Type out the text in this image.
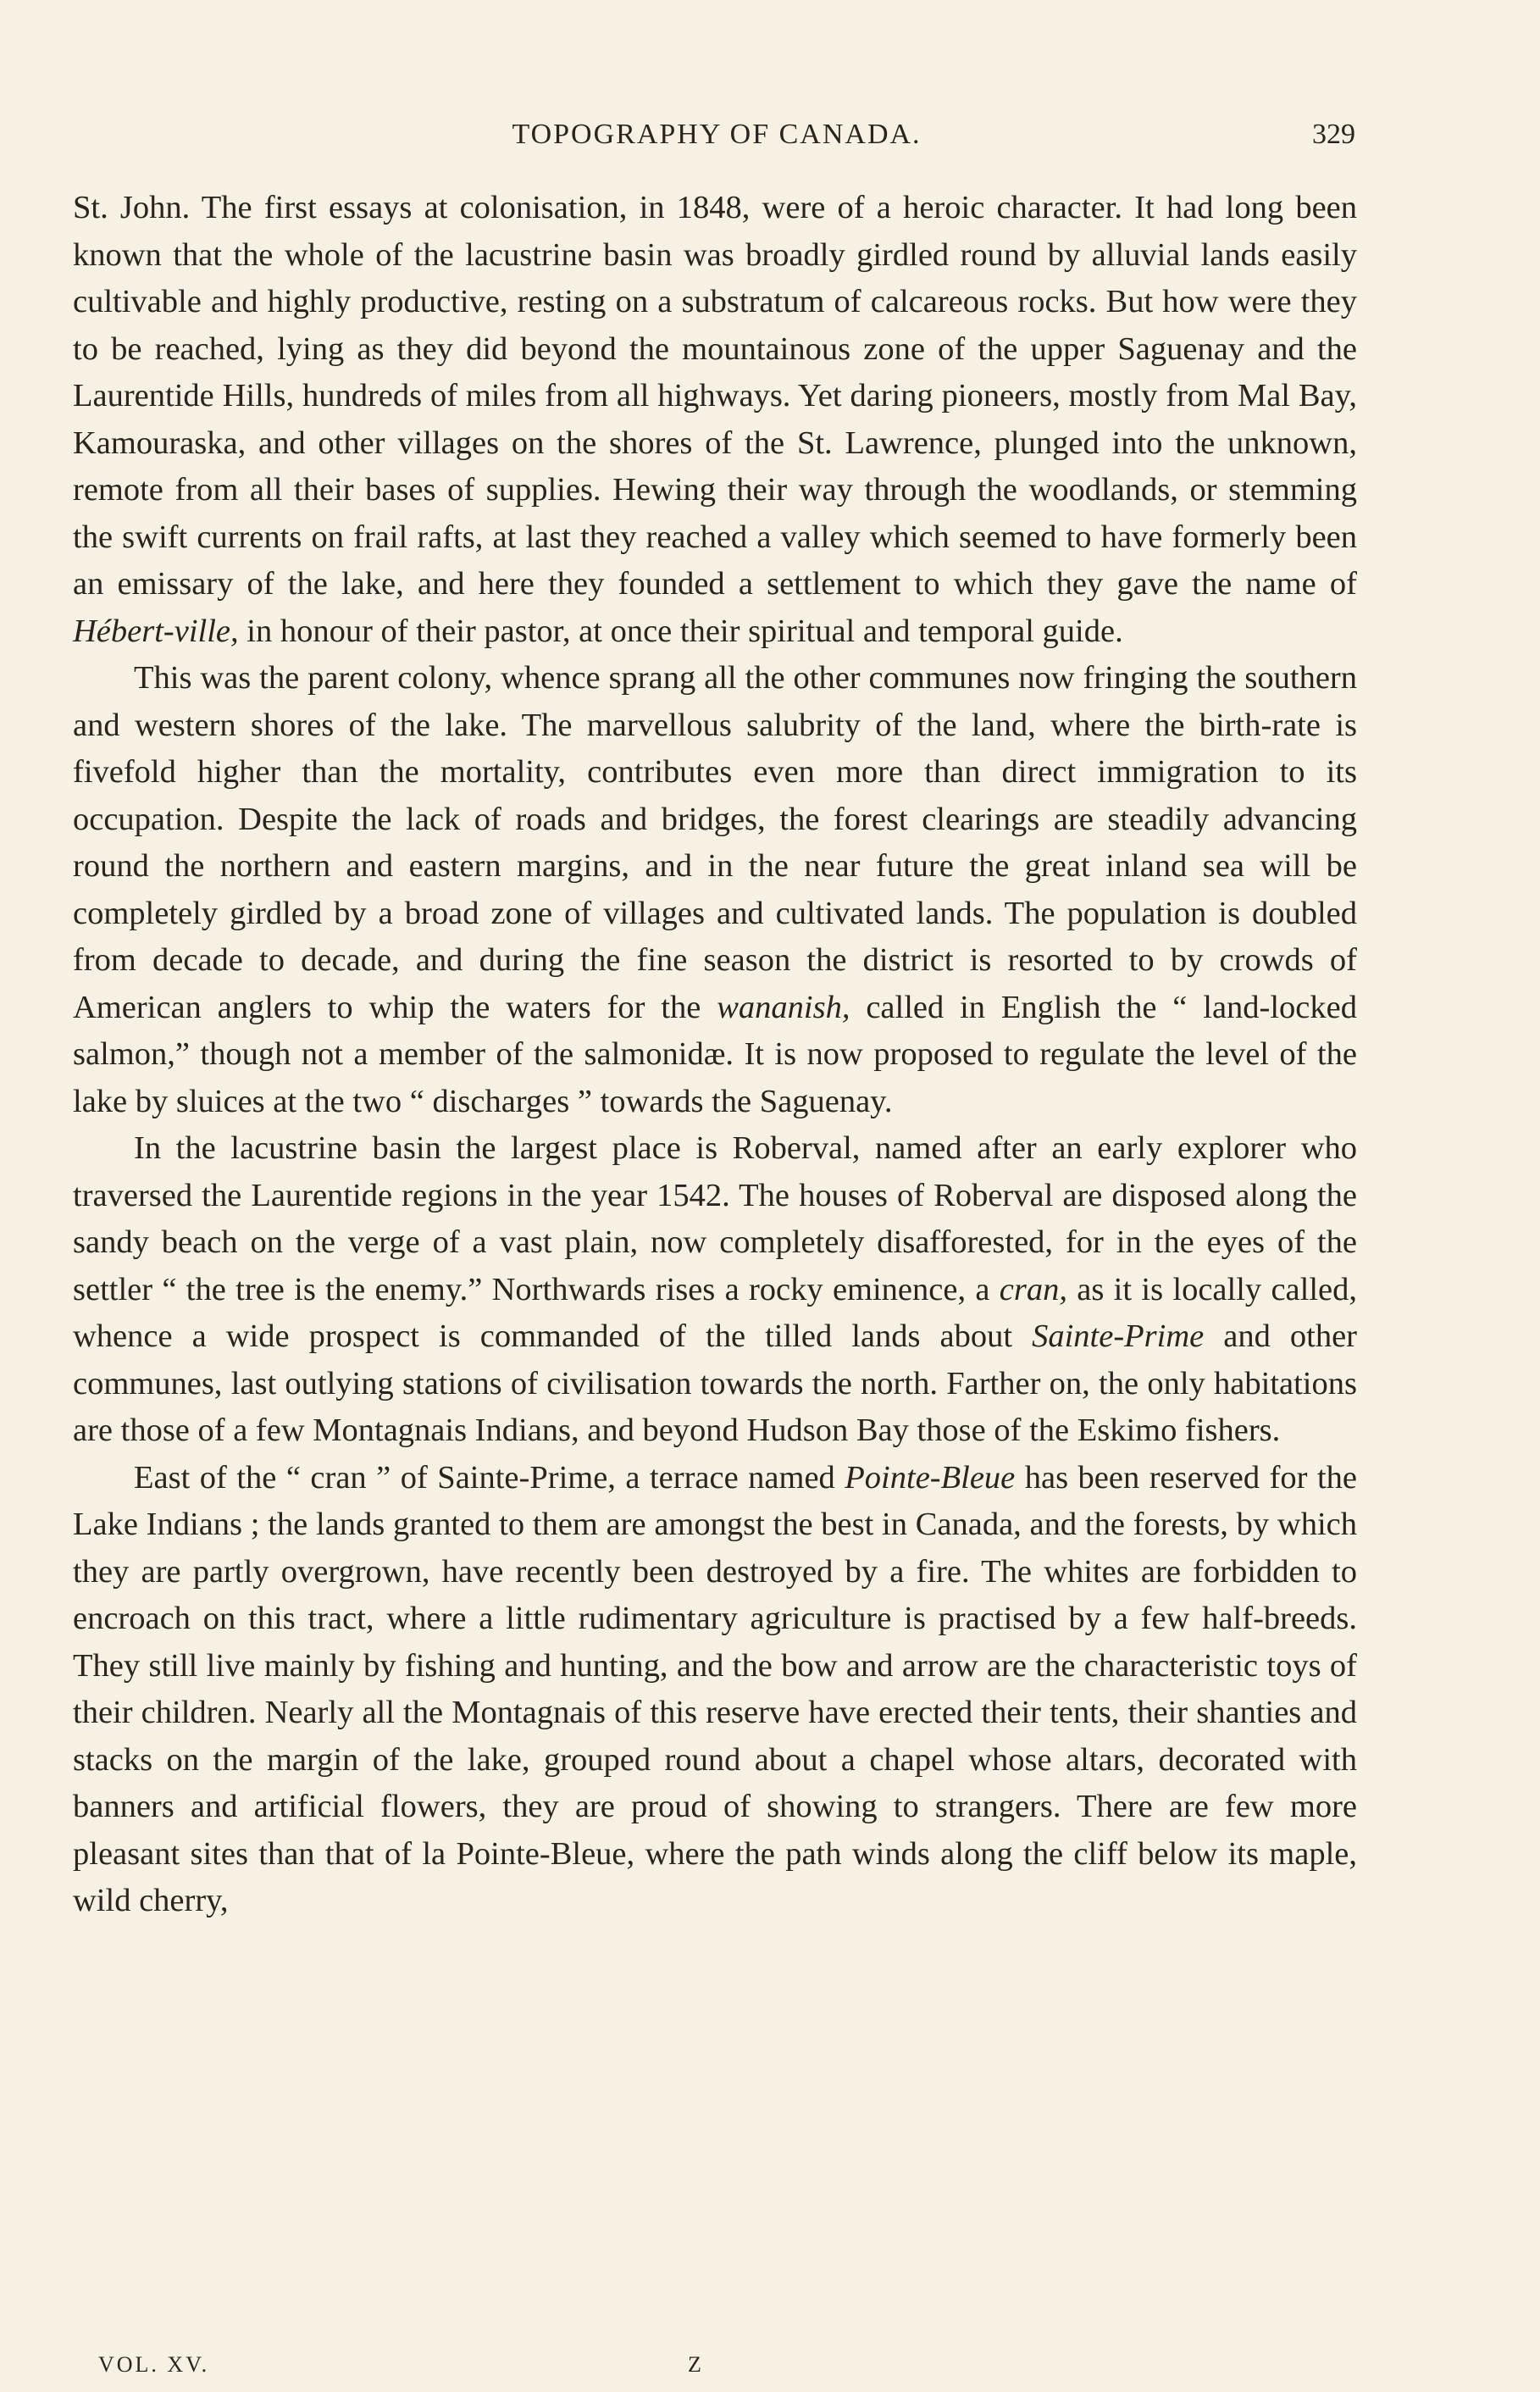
TOPOGRAPHY OF CANADA.	329

St. John. The first essays at colonisation, in 1848, were of a heroic character. It had long been known that the whole of the lacustrine basin was broadly girdled round by alluvial lands easily cultivable and highly productive, resting on a substratum of calcareous rocks. But how were they to be reached, lying as they did beyond the mountainous zone of the upper Saguenay and the Laurentide Hills, hundreds of miles from all highways. Yet daring pioneers, mostly from Mal Bay, Kamouraska, and other villages on the shores of the St. Lawrence, plunged into the unknown, remote from all their bases of supplies. Hewing their way through the woodlands, or stemming the swift currents on frail rafts, at last they reached a valley which seemed to have formerly been an emissary of the lake, and here they founded a settlement to which they gave the name of Hébert-ville, in honour of their pastor, at once their spiritual and temporal guide.

This was the parent colony, whence sprang all the other communes now fringing the southern and western shores of the lake. The marvellous salubrity of the land, where the birth-rate is fivefold higher than the mortality, contributes even more than direct immigration to its occupation. Despite the lack of roads and bridges, the forest clearings are steadily advancing round the northern and eastern margins, and in the near future the great inland sea will be completely girdled by a broad zone of villages and cultivated lands. The population is doubled from decade to decade, and during the fine season the district is resorted to by crowds of American anglers to whip the waters for the wananish, called in English the “ land-locked salmon,” though not a member of the salmonidæ. It is now proposed to regulate the level of the lake by sluices at the two “ discharges ” towards the Saguenay.

In the lacustrine basin the largest place is Roberval, named after an early explorer who traversed the Laurentide regions in the year 1542. The houses of Roberval are disposed along the sandy beach on the verge of a vast plain, now completely disafforested, for in the eyes of the settler “ the tree is the enemy.” Northwards rises a rocky eminence, a cran, as it is locally called, whence a wide prospect is commanded of the tilled lands about Sainte-Prime and other communes, last outlying stations of civilisation towards the north. Farther on, the only habitations are those of a few Montagnais Indians, and beyond Hudson Bay those of the Eskimo fishers.

East of the “ cran ” of Sainte-Prime, a terrace named Pointe-Bleue has been reserved for the Lake Indians ; the lands granted to them are amongst the best in Canada, and the forests, by which they are partly overgrown, have recently been destroyed by a fire. The whites are forbidden to encroach on this tract, where a little rudimentary agriculture is practised by a few half-breeds. They still live mainly by fishing and hunting, and the bow and arrow are the characteristic toys of their children. Nearly all the Montagnais of this reserve have erected their tents, their shanties and stacks on the margin of the lake, grouped round about a chapel whose altars, decorated with banners and artificial flowers, they are proud of showing to strangers. There are few more pleasant sites than that of la Pointe-Bleue, where the path winds along the cliff below its maple, wild cherry,

VOL. XV.	Z
